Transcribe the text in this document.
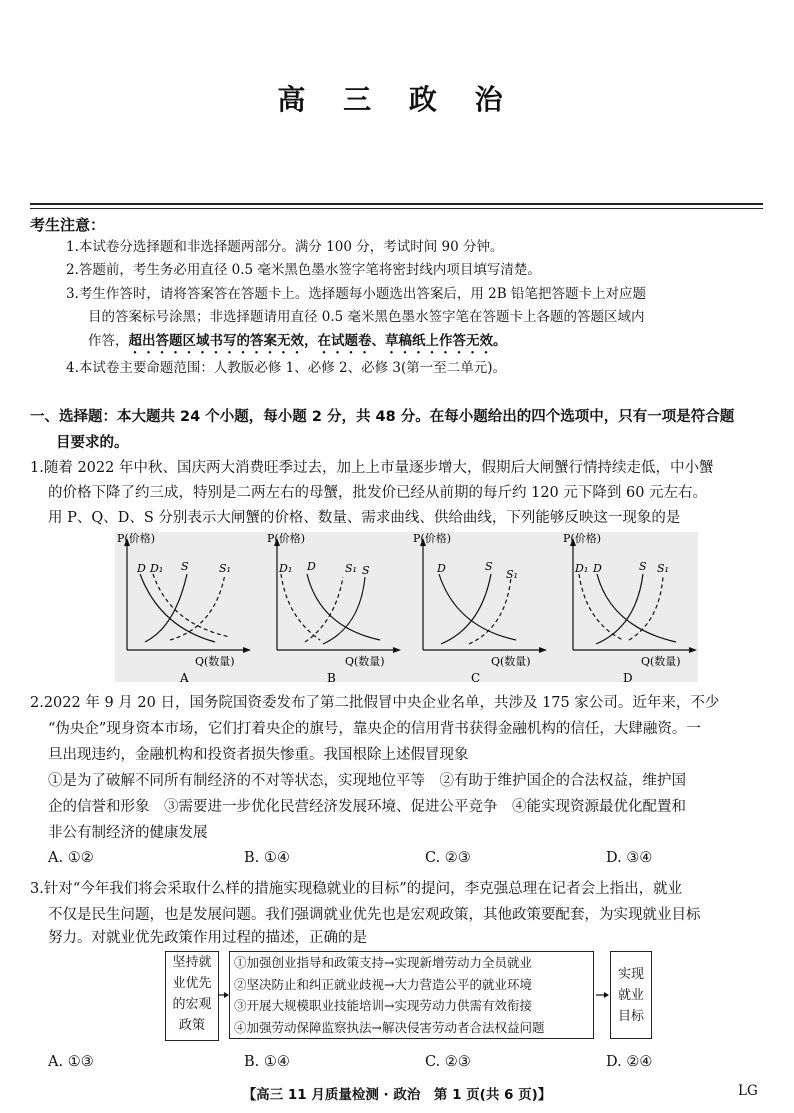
高 三 政 治
考生注意：
1.本试卷分选择题和非选择题两部分。满分 100 分，考试时间 90 分钟。
2.答题前，考生务必用直径 0.5 毫米黑色墨水签字笔将密封线内项目填写清楚。
3.考生作答时，请将答案答在答题卡上。选择题每小题选出答案后，用 2B 铅笔把答题卡上对应题
目的答案标号涂黑；非选择题请用直径 0.5 毫米黑色墨水签字笔在答题卡上各题的答题区域内
作答，超出答题区域书写的答案无效，在试题卷、草稿纸上作答无效。
4.本试卷主要命题范围：人教版必修 1、必修 2、必修 3(第一至二单元)。
一、选择题：本大题共 24 个小题，每小题 2 分，共 48 分。在每小题给出的四个选项中，只有一项是符合题
目要求的。
1.随着 2022 年中秋、国庆两大消费旺季过去，加上上市量逐步增大，假期后大闸蟹行情持续走低，中小蟹
的价格下降了约三成，特别是二两左右的母蟹，批发价已经从前期的每斤约 120 元下降到 60 元左右。
用 P、Q、D、S 分别表示大闸蟹的价格、数量、需求曲线、供给曲线，下列能够反映这一现象的是
P(价格)
Q(数量)
A
D D₁ S	S₁
P(价格)
Q(数量)
B
D₁ D	S₁ S
P(价格)
Q(数量)
C
D	S
S₁
P(价格)
Q(数量)
D
D₁ D	S S₁
2.2022 年 9 月 20 日，国务院国资委发布了第二批假冒中央企业名单，共涉及 175 家公司。近年来，不少
“伪央企”现身资本市场，它们打着央企的旗号，靠央企的信用背书获得金融机构的信任，大肆融资。一
旦出现违约，金融机构和投资者损失惨重。我国根除上述假冒现象
①是为了破解不同所有制经济的不对等状态，实现地位平等　②有助于维护国企的合法权益，维护国
企的信誉和形象　③需要进一步优化民营经济发展环境、促进公平竞争　④能实现资源最优化配置和
非公有制经济的健康发展
A. ①②	B. ①④	C. ②③	D. ③④
3.针对“今年我们将会采取什么样的措施实现稳就业的目标”的提问，李克强总理在记者会上指出，就业
不仅是民生问题，也是发展问题。我们强调就业优先也是宏观政策，其他政策要配套，为实现就业目标
努力。对就业优先政策作用过程的描述，正确的是
坚持就
业优先
的宏观
政策
①加强创业指导和政策支持→实现新增劳动力全员就业
②坚决防止和纠正就业歧视→大力营造公平的就业环境
③开展大规模职业技能培训→实现劳动力供需有效衔接
④加强劳动保障监察执法→解决侵害劳动者合法权益问题
实现
就业
目标
A. ①③	B. ①④	C. ②③	D. ②④
【高三 11 月质量检测 · 政治　第 1 页(共 6 页)】	LG
